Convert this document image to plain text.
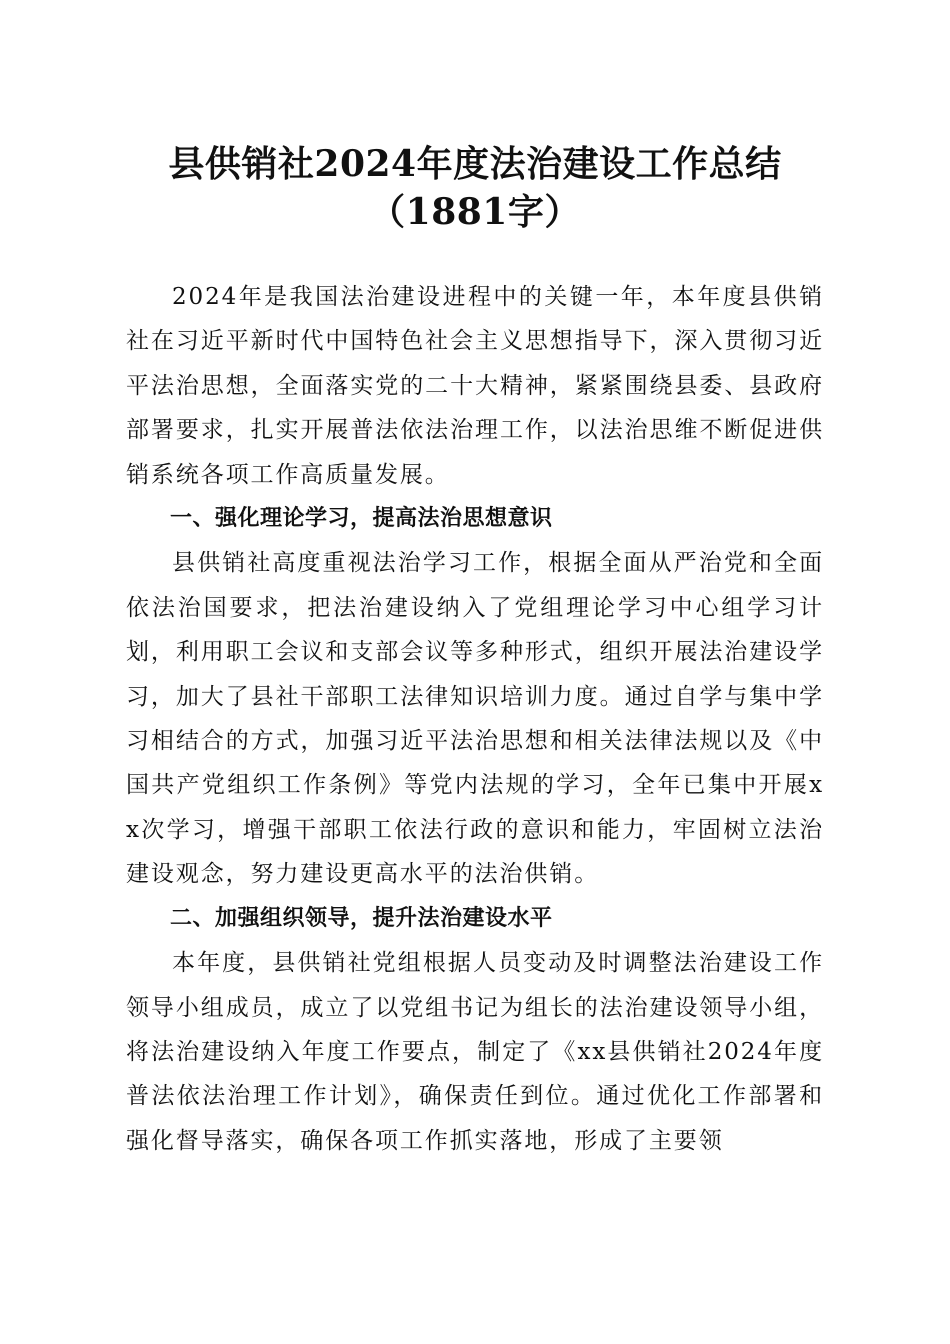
县供销社2024年度法治建设工作总结（1881字）

2024年是我国法治建设进程中的关键一年，本年度县供销社在习近平新时代中国特色社会主义思想指导下，深入贯彻习近平法治思想，全面落实党的二十大精神，紧紧围绕县委、县政府部署要求，扎实开展普法依法治理工作，以法治思维不断促进供销系统各项工作高质量发展。

一、强化理论学习，提高法治思想意识

县供销社高度重视法治学习工作，根据全面从严治党和全面依法治国要求，把法治建设纳入了党组理论学习中心组学习计划，利用职工会议和支部会议等多种形式，组织开展法治建设学习，加大了县社干部职工法律知识培训力度。通过自学与集中学习相结合的方式，加强习近平法治思想和相关法律法规以及《中国共产党组织工作条例》等党内法规的学习，全年已集中开展xx次学习，增强干部职工依法行政的意识和能力，牢固树立法治建设观念，努力建设更高水平的法治供销。

二、加强组织领导，提升法治建设水平

本年度，县供销社党组根据人员变动及时调整法治建设工作领导小组成员，成立了以党组书记为组长的法治建设领导小组，将法治建设纳入年度工作要点，制定了《xx县供销社2024年度普法依法治理工作计划》，确保责任到位。通过优化工作部署和强化督导落实，确保各项工作抓实落地，形成了主要领
